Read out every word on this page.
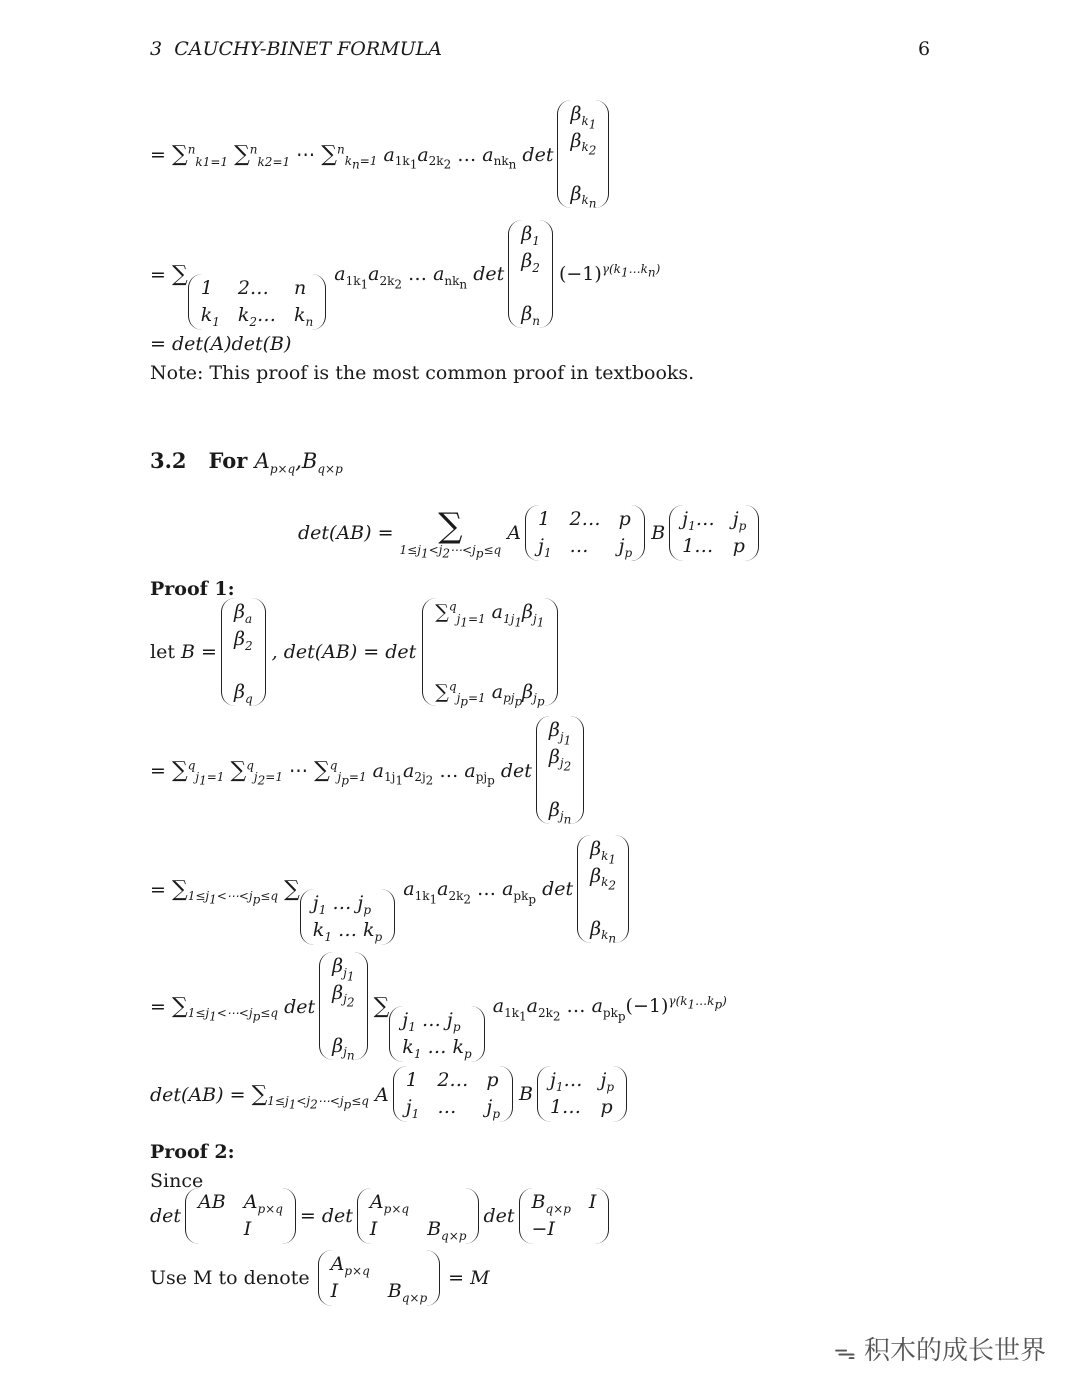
3 CAUCHY-BINET FORMULA	6
= ∑$^n_{k1=1}$ ∑$^n_{k2=1}$ ⋯ ∑$^n_{k_n=1}$ $a_{1k_1}a_{2k_2}$ … $a_{nk_n}$ det
$\beta_{k_1}$
$\beta_{k_2}$
$\beta_{k_n}$
= ∑
1	2…	n
$k_1$ $k_2\dots$ $k_n$
$a_{1k_1}a_{2k_2}$ … $a_{nk_n}$ det
$\beta_1$
$\beta_2$
$\beta_n$
$(-1)^{\gamma(k_1\dots k_n)}$
= det(A)det(B)
Note: This proof is the most common proof in textbooks.
3.2 For $A_{p\times q},B_{q\times p}$
det(AB) = ∑
$1\le j_1<j_2\cdots<j_p\le q$
A
1 2… p
$j_1$ …	$j_p$
B
$j_1\dots$ $j_p$
1… p
Proof 1:
let B =
$\beta_a$
$\beta_2$
$\beta_q$
, det(AB) = det
∑$^q_{j_1=1}$ $a_{1j_1}\beta_{j_1}$
∑$^q_{j_p=1}$ $a_{pj_p}\beta_{j_p}$
= ∑$^q_{j_1=1}$ ∑$^q_{j_2=1}$ ⋯ ∑$^q_{j_p=1}$ $a_{1j_1}a_{2j_2}$ … $a_{pj_p}$ det
$\beta_{j_1}$
$\beta_{j_2}$
$\beta_{j_n}$
= $\sum_{1\le j_1<\cdots<j_p\le q}$ ∑
$j_1$ … $j_p$
$k_1$ … $k_p$
$a_{1k_1}a_{2k_2}$ … $a_{pk_p}$ det
$\beta_{k_1}$
$\beta_{k_2}$
$\beta_{k_n}$
= $\sum_{1\le j_1<\cdots<j_p\le q}$ det
$\beta_{j_1}$
$\beta_{j_2}$
$\beta_{j_n}$
∑
$j_1$ … $j_p$
$k_1$ … $k_p$
$a_{1k_1}a_{2k_2}$ … $a_{pk_p}(-1)^{\gamma(k_1\dots k_p)}$
$\det(AB) = \sum_{1\le j_1<j_2\cdots<j_p\le q}$ A
1 2… p
$j_1$ …	$j_p$
B
$j_1\dots$ $j_p$
1… p
Proof 2:
Since
det
AB $A_{p\times q}$
I
= det
$A_{p\times q}$
I	$B_{q\times p}$
det
$B_{q\times p}$ I
−I
Use M to denote
$A_{p\times q}$
I	$B_{q\times p}$
= M
ᯓ 积木的成长世界
